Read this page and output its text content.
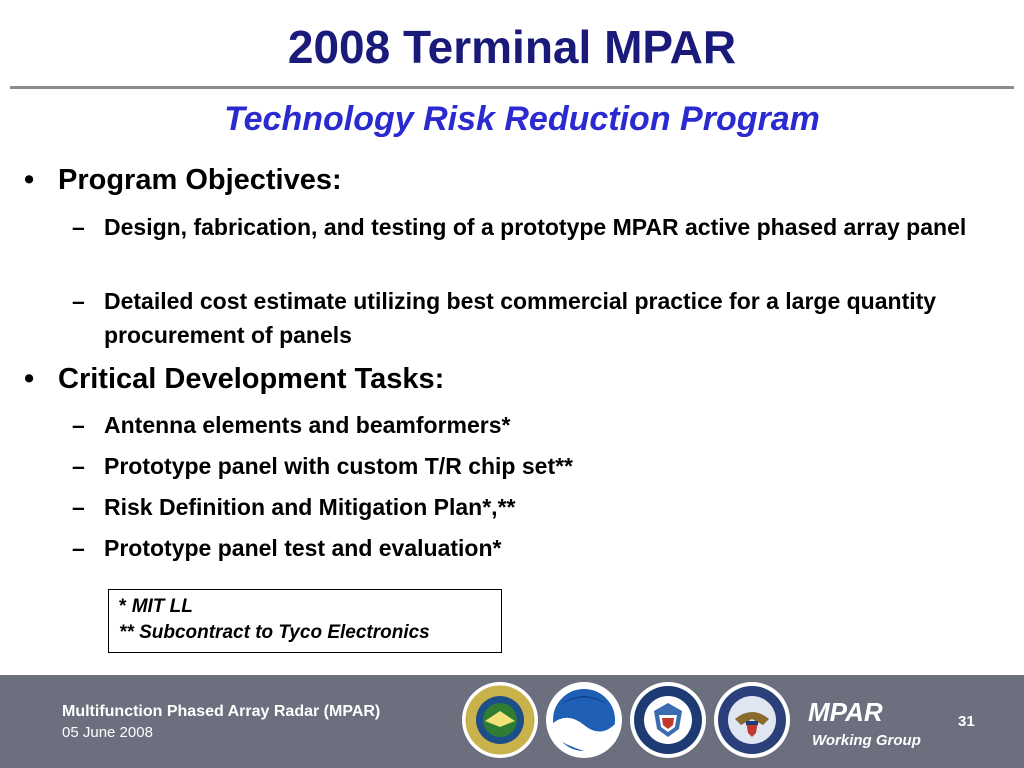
2008 Terminal MPAR
Technology Risk Reduction Program
• Program Objectives:
– Design, fabrication, and testing of a prototype MPAR active phased array panel
– Detailed cost estimate utilizing best commercial practice for a large quantity procurement of panels
• Critical Development Tasks:
– Antenna elements and beamformers*
– Prototype panel with custom T/R chip set**
– Risk Definition and Mitigation Plan*,**
– Prototype panel test and evaluation*
* MIT LL
** Subcontract to Tyco Electronics
Multifunction Phased Array Radar (MPAR)
05 June 2008
MPAR
Working Group
31
